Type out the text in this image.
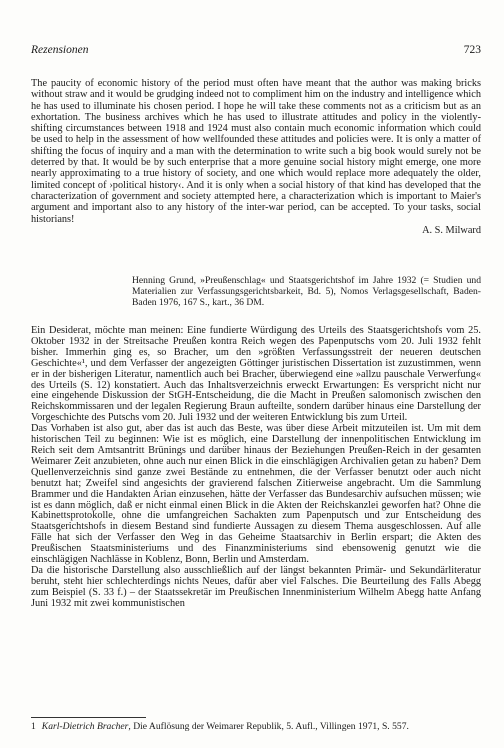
Rezensionen	723
The paucity of economic history of the period must often have meant that the author was making bricks without straw and it would be grudging indeed not to compliment him on the industry and intelligence which he has used to illuminate his chosen period. I hope he will take these comments not as a criticism but as an exhortation. The business archives which he has used to illustrate attitudes and policy in the violently-shifting circumstances between 1918 and 1924 must also contain much economic information which could be used to help in the assessment of how wellfounded these attitudes and policies were. It is only a matter of shifting the focus of inquiry and a man with the determination to write such a big book would surely not be deterred by that. It would be by such enterprise that a more genuine social history might emerge, one more nearly approximating to a true history of society, and one which would replace more adequately the older, limited concept of ›political history‹. And it is only when a social history of that kind has developed that the characterization of government and society attempted here, a characterization which is important to Maier's argument and important also to any history of the inter-war period, can be accepted. To your tasks, social historians!
A. S. Milward
Henning Grund, »Preußenschlag« und Staatsgerichtshof im Jahre 1932 (= Studien und Materialien zur Verfassungsgerichtsbarkeit, Bd. 5), Nomos Verlagsgesellschaft, Baden-Baden 1976, 167 S., kart., 36 DM.

Ein Desiderat, möchte man meinen: Eine fundierte Würdigung des Urteils des Staatsgerichtshofs vom 25. Oktober 1932 in der Streitsache Preußen kontra Reich wegen des Papenputschs vom 20. Juli 1932 fehlt bisher. Immerhin ging es, so Bracher, um den »größten Verfassungsstreit der neueren deutschen Geschichte«¹, und dem Verfasser der angezeigten Göttinger juristischen Dissertation ist zuzustimmen, wenn er in der bisherigen Literatur, namentlich auch bei Bracher, überwiegend eine »allzu pauschale Verwerfung« des Urteils (S. 12) konstatiert. Auch das Inhaltsverzeichnis erweckt Erwartungen: Es verspricht nicht nur eine eingehende Diskussion der StGH-Entscheidung, die die Macht in Preußen salomonisch zwischen den Reichskommissaren und der legalen Regierung Braun aufteilte, sondern darüber hinaus eine Darstellung der Vorgeschichte des Putschs vom 20. Juli 1932 und der weiteren Entwicklung bis zum Urteil.

Das Vorhaben ist also gut, aber das ist auch das Beste, was über diese Arbeit mitzuteilen ist. Um mit dem historischen Teil zu beginnen: Wie ist es möglich, eine Darstellung der innenpolitischen Entwicklung im Reich seit dem Amtsantritt Brünings und darüber hinaus der Beziehungen Preußen-Reich in der gesamten Weimarer Zeit anzubieten, ohne auch nur einen Blick in die einschlägigen Archivalien getan zu haben? Dem Quellenverzeichnis sind ganze zwei Bestände zu entnehmen, die der Verfasser benutzt oder auch nicht benutzt hat; Zweifel sind angesichts der gravierend falschen Zitierweise angebracht. Um die Sammlung Brammer und die Handakten Arian einzusehen, hätte der Verfasser das Bundesarchiv aufsuchen müssen; wie ist es dann möglich, daß er nicht einmal einen Blick in die Akten der Reichskanzlei geworfen hat? Ohne die Kabinettsprotokolle, ohne die umfangreichen Sachakten zum Papenputsch und zur Entscheidung des Staatsgerichtshofs in diesem Bestand sind fundierte Aussagen zu diesem Thema ausgeschlossen. Auf alle Fälle hat sich der Verfasser den Weg in das Geheime Staatsarchiv in Berlin erspart; die Akten des Preußischen Staatsministeriums und des Finanzministeriums sind ebensowenig genutzt wie die einschlägigen Nachlässe in Koblenz, Bonn, Berlin und Amsterdam.

Da die historische Darstellung also ausschließlich auf der längst bekannten Primär- und Sekundärliteratur beruht, steht hier schlechterdings nichts Neues, dafür aber viel Falsches. Die Beurteilung des Falls Abegg zum Beispiel (S. 33 f.) – der Staatssekretär im Preußischen Innenministerium Wilhelm Abegg hatte Anfang Juni 1932 mit zwei kommunistischen

1 Karl-Dietrich Bracher, Die Auflösung der Weimarer Republik, 5. Aufl., Villingen 1971, S. 557.
